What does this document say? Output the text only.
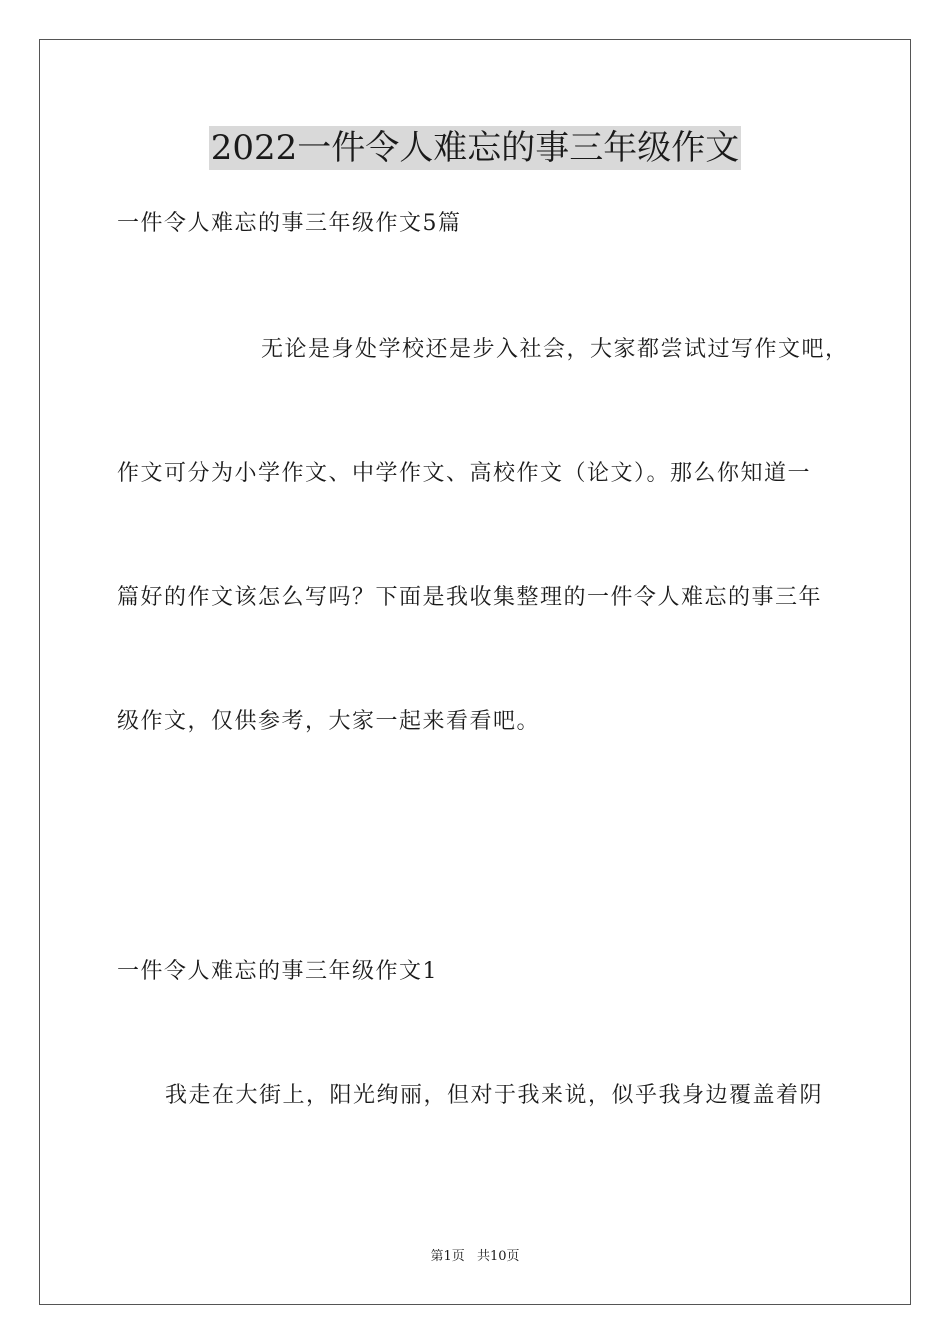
2022一件令人难忘的事三年级作文

一件令人难忘的事三年级作文5篇

无论是身处学校还是步入社会，大家都尝试过写作文吧，

作文可分为小学作文、中学作文、高校作文（论文）。那么你知道一

篇好的作文该怎么写吗？下面是我收集整理的一件令人难忘的事三年

级作文，仅供参考，大家一起来看看吧。

一件令人难忘的事三年级作文1

我走在大街上，阳光绚丽，但对于我来说，似乎我身边覆盖着阴

第1页 共10页
